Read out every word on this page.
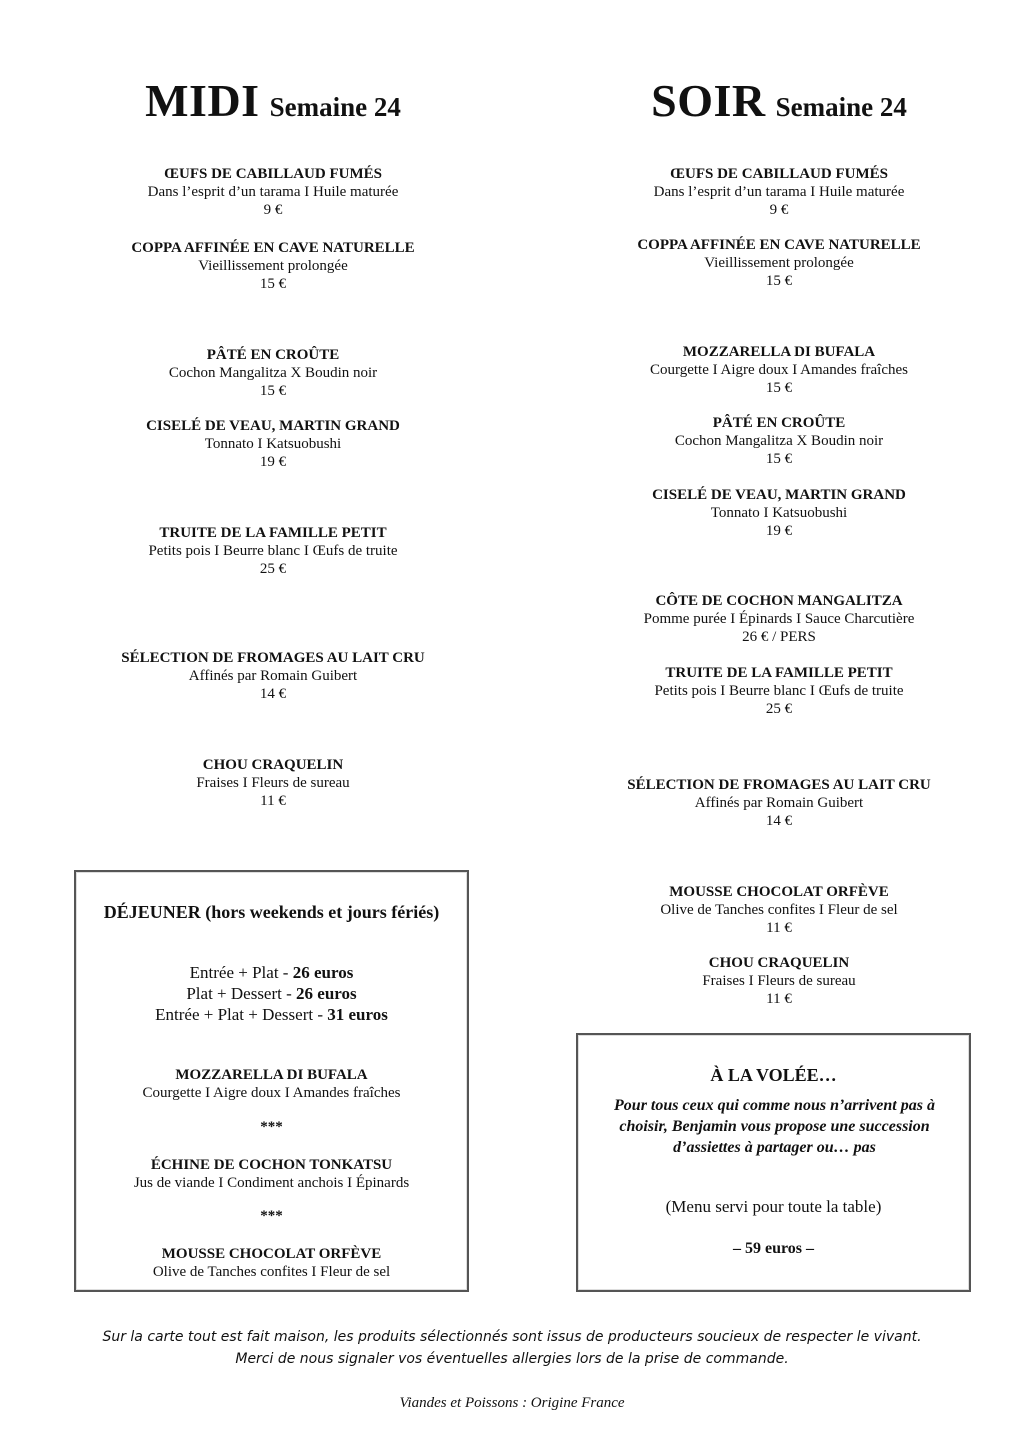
MIDI Semaine 24
ŒUFS DE CABILLAUD FUMÉS
Dans l’esprit d’un tarama I Huile maturée
9 €
COPPA AFFINÉE EN CAVE NATURELLE
Vieillissement prolongée
15 €
PÂTÉ EN CROÛTE
Cochon Mangalitza X Boudin noir
15 €
CISELÉ DE VEAU, MARTIN GRAND
Tonnato I Katsuobushi
19 €
TRUITE DE LA FAMILLE PETIT
Petits pois I Beurre blanc I Œufs de truite
25 €
SÉLECTION DE FROMAGES AU LAIT CRU
Affinés par Romain Guibert
14 €
CHOU CRAQUELIN
Fraises I Fleurs de sureau
11 €
DÉJEUNER (hors weekends et jours fériés)
Entrée + Plat - 26 euros
Plat + Dessert - 26 euros
Entrée + Plat + Dessert - 31 euros
MOZZARELLA DI BUFALA
Courgette I Aigre doux I Amandes fraîches
***
ÉCHINE DE COCHON TONKATSU
Jus de viande I Condiment anchois I Épinards
***
MOUSSE CHOCOLAT ORFÈVE
Olive de Tanches confites I Fleur de sel
SOIR Semaine 24
ŒUFS DE CABILLAUD FUMÉS
Dans l’esprit d’un tarama I Huile maturée
9 €
COPPA AFFINÉE EN CAVE NATURELLE
Vieillissement prolongée
15 €
MOZZARELLA DI BUFALA
Courgette I Aigre doux I Amandes fraîches
15 €
PÂTÉ EN CROÛTE
Cochon Mangalitza X Boudin noir
15 €
CISELÉ DE VEAU, MARTIN GRAND
Tonnato I Katsuobushi
19 €
CÔTE DE COCHON MANGALITZA
Pomme purée I Épinards I Sauce Charcutière
26 € / PERS
TRUITE DE LA FAMILLE PETIT
Petits pois I Beurre blanc I Œufs de truite
25 €
SÉLECTION DE FROMAGES AU LAIT CRU
Affinés par Romain Guibert
14 €
MOUSSE CHOCOLAT ORFÈVE
Olive de Tanches confites I Fleur de sel
11 €
CHOU CRAQUELIN
Fraises I Fleurs de sureau
11 €
À LA VOLÉE…
Pour tous ceux qui comme nous n’arrivent pas à choisir, Benjamin vous propose une succession d’assiettes à partager ou… pas
(Menu servi pour toute la table)
– 59 euros –
Sur la carte tout est fait maison, les produits sélectionnés sont issus de producteurs soucieux de respecter le vivant.
Merci de nous signaler vos éventuelles allergies lors de la prise de commande.
Viandes et Poissons : Origine France
